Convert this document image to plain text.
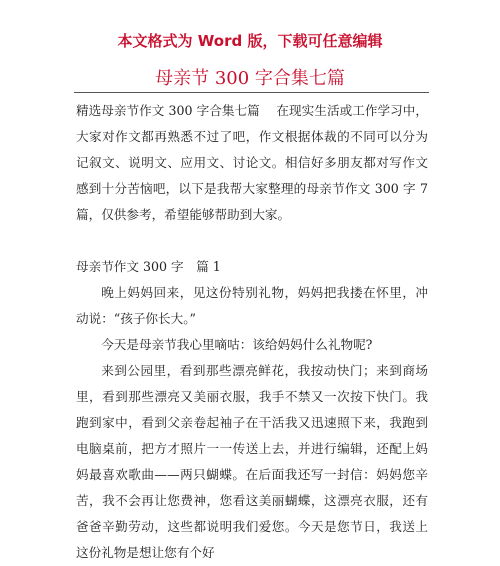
本文格式为 Word 版，下载可任意编辑
母亲节 300 字合集七篇

精选母亲节作文 300 字合集七篇　 在现实生活或工作学习中，大家对作文都再熟悉不过了吧，作文根据体裁的不同可以分为记叙文、说明文、应用文、讨论文。相信好多朋友都对写作文感到十分苦恼吧，以下是我帮大家整理的母亲节作文 300 字 7 篇，仅供参考，希望能够帮助到大家。

母亲节作文 300 字　篇 1

晚上妈妈回来，见这份特别礼物，妈妈把我搂在怀里，冲动说：“孩子你长大。”

今天是母亲节我心里嘀咕：该给妈妈什么礼物呢?

来到公园里，看到那些漂亮鲜花，我按动快门；来到商场里，看到那些漂亮又美丽衣服，我手不禁又一次按下快门。我跑到家中，看到父亲卷起袖子在干活我又迅速照下来，我跑到电脑桌前，把方才照片一一传送上去，并进行编辑，还配上妈妈最喜欢歌曲——两只蝴蝶。在后面我还写一封信：妈妈您辛苦，我不会再让您费神，您看这美丽蝴蝶，这漂亮衣服，还有爸爸辛勤劳动，这些都说明我们爱您。今天是您节日，我送上这份礼物是想让您有个好
